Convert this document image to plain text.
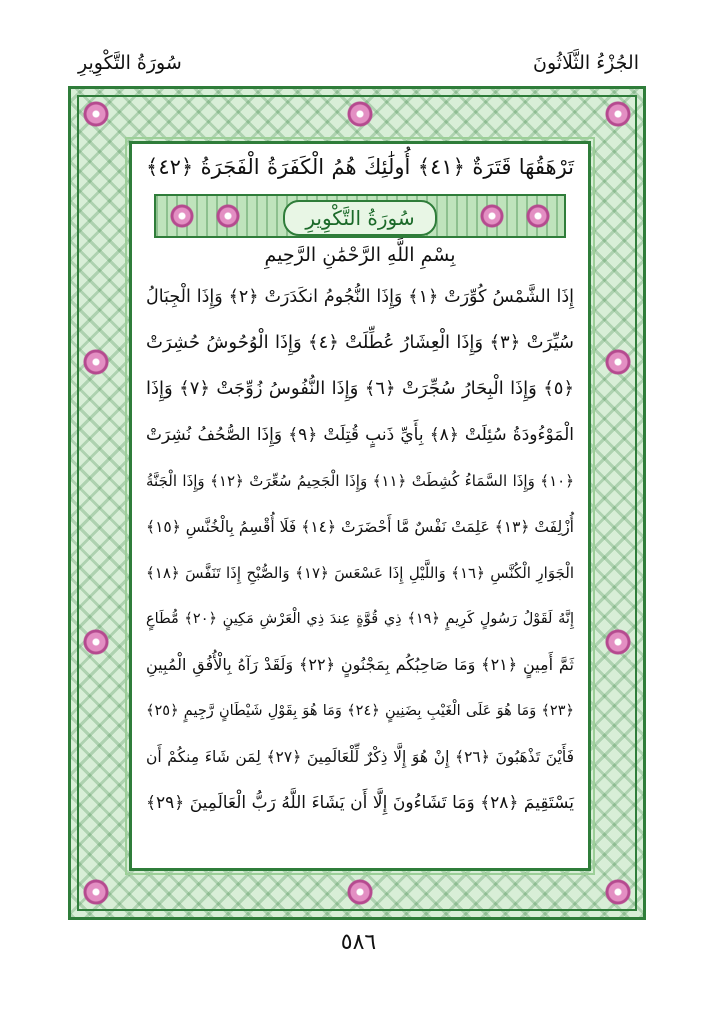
سُورَةُ التَّكْوِيرِ	الجُزْءُ الثَّلَاثُونَ
تَرْهَقُهَا قَتَرَةٌ ﴿٤١﴾ أُولَٰئِكَ هُمُ الْكَفَرَةُ الْفَجَرَةُ ﴿٤٢﴾
سُورَةُ التَّكْوِيرِ
بِسْمِ اللَّهِ الرَّحْمَٰنِ الرَّحِيمِ
إِذَا الشَّمْسُ كُوِّرَتْ ﴿١﴾ وَإِذَا النُّجُومُ انكَدَرَتْ ﴿٢﴾ وَإِذَا الْجِبَالُ
سُيِّرَتْ ﴿٣﴾ وَإِذَا الْعِشَارُ عُطِّلَتْ ﴿٤﴾ وَإِذَا الْوُحُوشُ حُشِرَتْ
﴿٥﴾ وَإِذَا الْبِحَارُ سُجِّرَتْ ﴿٦﴾ وَإِذَا النُّفُوسُ زُوِّجَتْ ﴿٧﴾ وَإِذَا
الْمَوْءُودَةُ سُئِلَتْ ﴿٨﴾ بِأَيِّ ذَنبٍ قُتِلَتْ ﴿٩﴾ وَإِذَا الصُّحُفُ نُشِرَتْ
﴿١٠﴾ وَإِذَا السَّمَاءُ كُشِطَتْ ﴿١١﴾ وَإِذَا الْجَحِيمُ سُعِّرَتْ ﴿١٢﴾ وَإِذَا الْجَنَّةُ
أُزْلِفَتْ ﴿١٣﴾ عَلِمَتْ نَفْسٌ مَّا أَحْضَرَتْ ﴿١٤﴾ فَلَا أُقْسِمُ بِالْخُنَّسِ ﴿١٥﴾
الْجَوَارِ الْكُنَّسِ ﴿١٦﴾ وَاللَّيْلِ إِذَا عَسْعَسَ ﴿١٧﴾ وَالصُّبْحِ إِذَا تَنَفَّسَ ﴿١٨﴾
إِنَّهُ لَقَوْلُ رَسُولٍ كَرِيمٍ ﴿١٩﴾ ذِي قُوَّةٍ عِندَ ذِي الْعَرْشِ مَكِينٍ ﴿٢٠﴾ مُّطَاعٍ
ثَمَّ أَمِينٍ ﴿٢١﴾ وَمَا صَاحِبُكُم بِمَجْنُونٍ ﴿٢٢﴾ وَلَقَدْ رَآهُ بِالْأُفُقِ الْمُبِينِ
﴿٢٣﴾ وَمَا هُوَ عَلَى الْغَيْبِ بِضَنِينٍ ﴿٢٤﴾ وَمَا هُوَ بِقَوْلِ شَيْطَانٍ رَّجِيمٍ ﴿٢٥﴾
فَأَيْنَ تَذْهَبُونَ ﴿٢٦﴾ إِنْ هُوَ إِلَّا ذِكْرٌ لِّلْعَالَمِينَ ﴿٢٧﴾ لِمَن شَاءَ مِنكُمْ أَن
يَسْتَقِيمَ ﴿٢٨﴾ وَمَا تَشَاءُونَ إِلَّا أَن يَشَاءَ اللَّهُ رَبُّ الْعَالَمِينَ ﴿٢٩﴾
٥٨٦
